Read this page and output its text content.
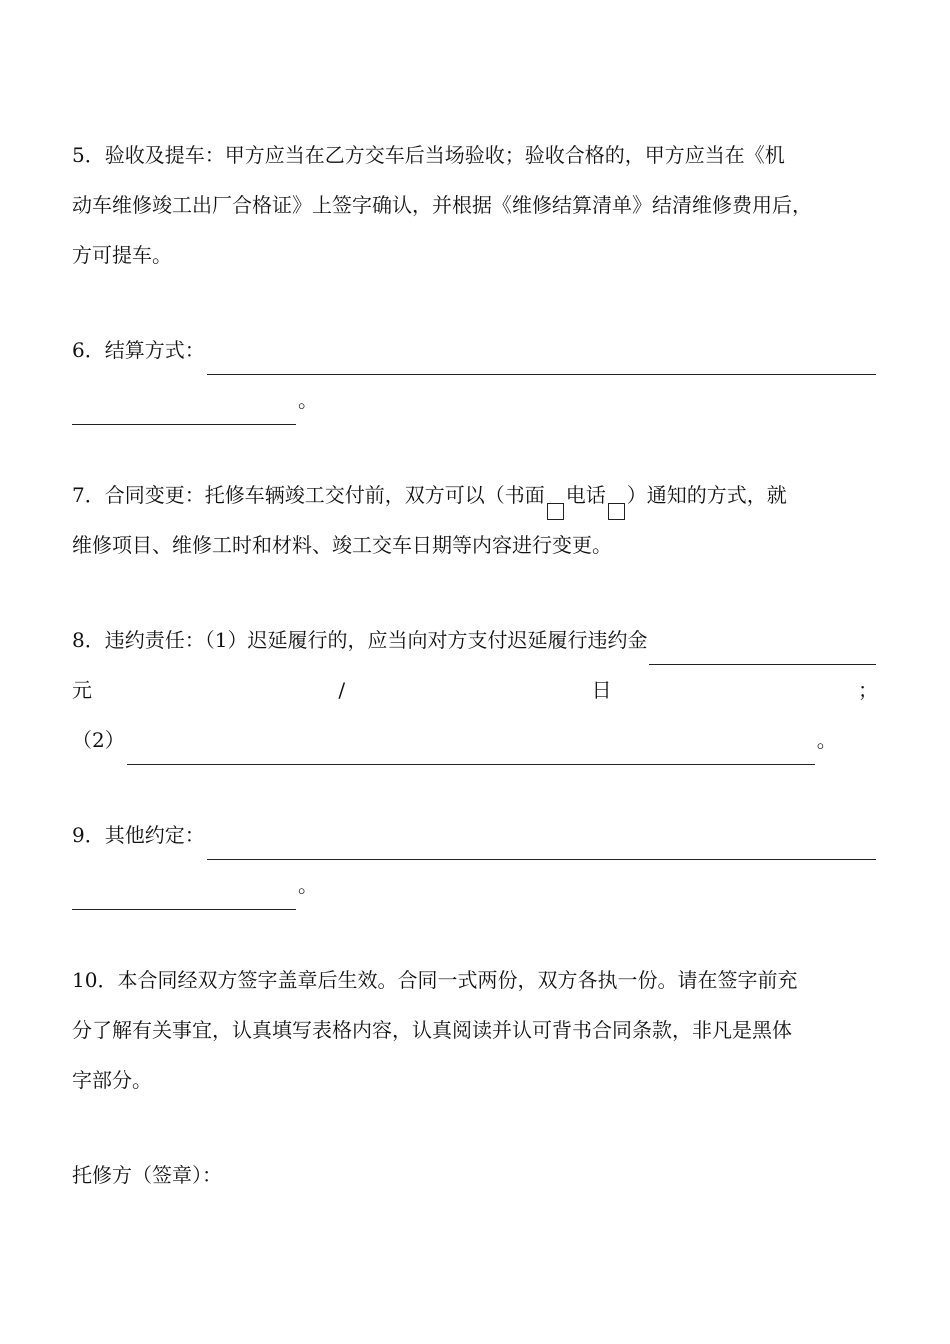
5．验收及提车：甲方应当在乙方交车后当场验收；验收合格的，甲方应当在《机
动车维修竣工出厂合格证》上签字确认，并根据《维修结算清单》结清维修费用后，
方可提车。
6．结算方式：
。
7．合同变更：托修车辆竣工交付前，双方可以（书面 电话 ）通知的方式，就
维修项目、维修工时和材料、竣工交车日期等内容进行变更。
8．违约责任：（1）迟延履行的，应当向对方支付迟延履行违约金
元	/	日	；
（2）	。
9．其他约定：
。
10．本合同经双方签字盖章后生效。合同一式两份，双方各执一份。请在签字前充
分了解有关事宜，认真填写表格内容，认真阅读并认可背书合同条款，非凡是黑体
字部分。
托修方（签章）：
